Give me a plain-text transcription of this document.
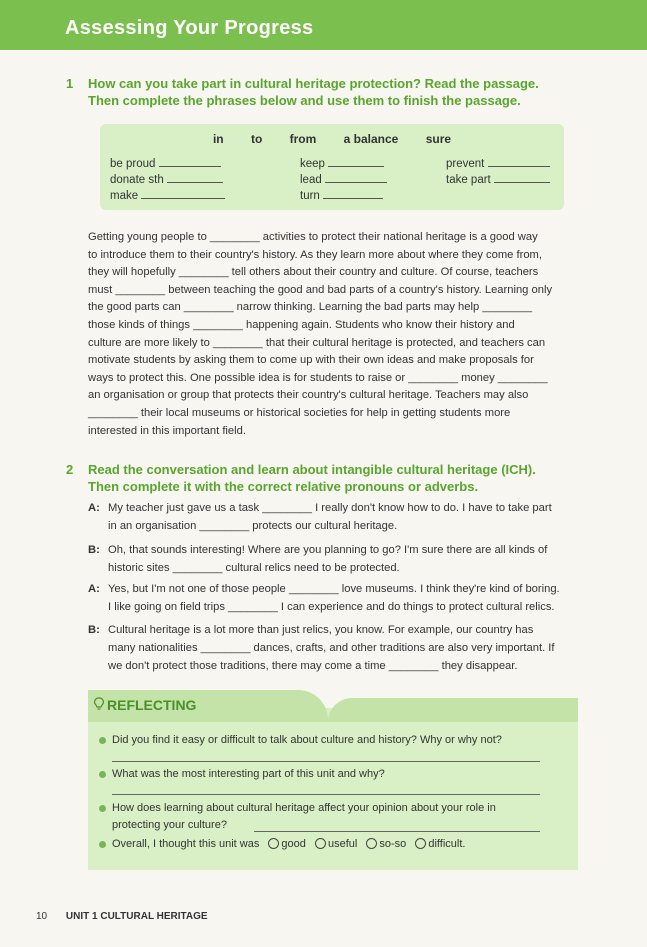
Assessing Your Progress
1 How can you take part in cultural heritage protection? Read the passage.
Then complete the phrases below and use them to finish the passage.
in to from a balance sure
be proud
donate sth
make
keep
lead
turn
prevent
take part
Getting young people to ________ activities to protect their national heritage is a good way
to introduce them to their country's history. As they learn more about where they come from,
they will hopefully ________ tell others about their country and culture. Of course, teachers
must ________ between teaching the good and bad parts of a country's history. Learning only
the good parts can ________ narrow thinking. Learning the bad parts may help ________
those kinds of things ________ happening again. Students who know their history and
culture are more likely to ________ that their cultural heritage is protected, and teachers can
motivate students by asking them to come up with their own ideas and make proposals for
ways to protect this. One possible idea is for students to raise or ________ money ________
an organisation or group that protects their country's cultural heritage. Teachers may also
________ their local museums or historical societies for help in getting students more
interested in this important field.
2 Read the conversation and learn about intangible cultural heritage (ICH).
Then complete it with the correct relative pronouns or adverbs.
A: My teacher just gave us a task ________ I really don't know how to do. I have to take part
in an organisation ________ protects our cultural heritage.
B: Oh, that sounds interesting! Where are you planning to go? I'm sure there are all kinds of
historic sites ________ cultural relics need to be protected.
A: Yes, but I'm not one of those people ________ love museums. I think they're kind of boring.
I like going on field trips ________ I can experience and do things to protect cultural relics.
B: Cultural heritage is a lot more than just relics, you know. For example, our country has
many nationalities ________ dances, crafts, and other traditions are also very important. If
we don't protect those traditions, there may come a time ________ they disappear.
REFLECTING
Did you find it easy or difficult to talk about culture and history? Why or why not?
What was the most interesting part of this unit and why?
How does learning about cultural heritage affect your opinion about your role in
protecting your culture?
Overall, I thought this unit was good useful so-so difficult.
10 UNIT 1 CULTURAL HERITAGE
